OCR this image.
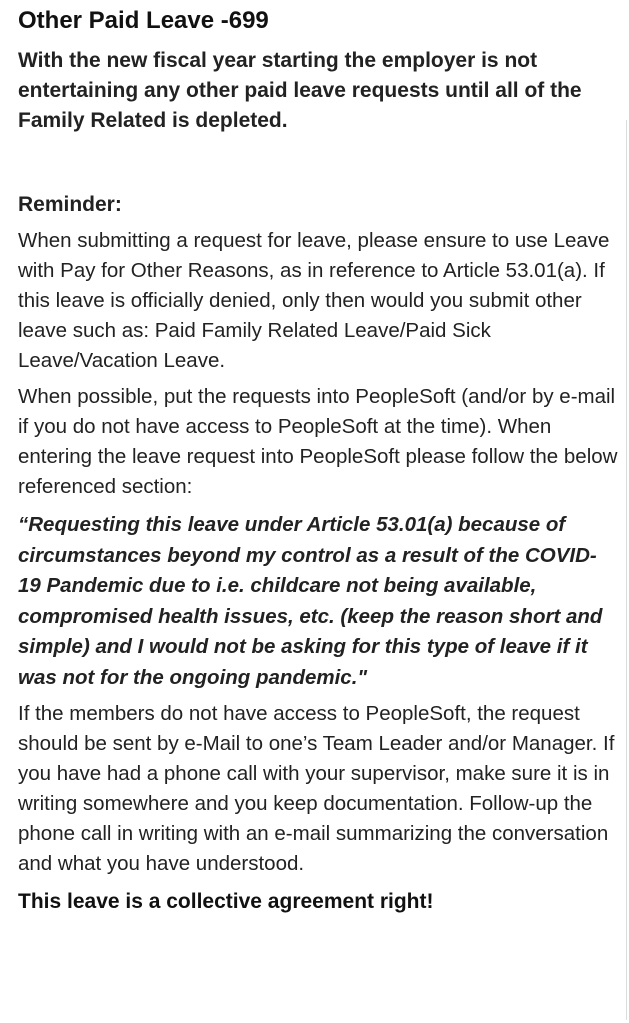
Other Paid Leave -699

With the new fiscal year starting the employer is not entertaining any other paid leave requests until all of the Family Related is depleted.

Reminder:

When submitting a request for leave, please ensure to use Leave with Pay for Other Reasons, as in reference to Article 53.01(a). If this leave is officially denied, only then would you submit other leave such as: Paid Family Related Leave/Paid Sick Leave/Vacation Leave.

When possible, put the requests into PeopleSoft (and/or by e-mail if you do not have access to PeopleSoft at the time). When entering the leave request into PeopleSoft please follow the below referenced section:

“Requesting this leave under Article 53.01(a) because of circumstances beyond my control as a result of the COVID-19 Pandemic due to i.e. childcare not being available, compromised health issues, etc. (keep the reason short and simple) and I would not be asking for this type of leave if it was not for the ongoing pandemic."

If the members do not have access to PeopleSoft, the request should be sent by e-Mail to one’s Team Leader and/or Manager. If you have had a phone call with your supervisor, make sure it is in writing somewhere and you keep documentation. Follow-up the phone call in writing with an e-mail summarizing the conversation and what you have understood.

This leave is a collective agreement right!
